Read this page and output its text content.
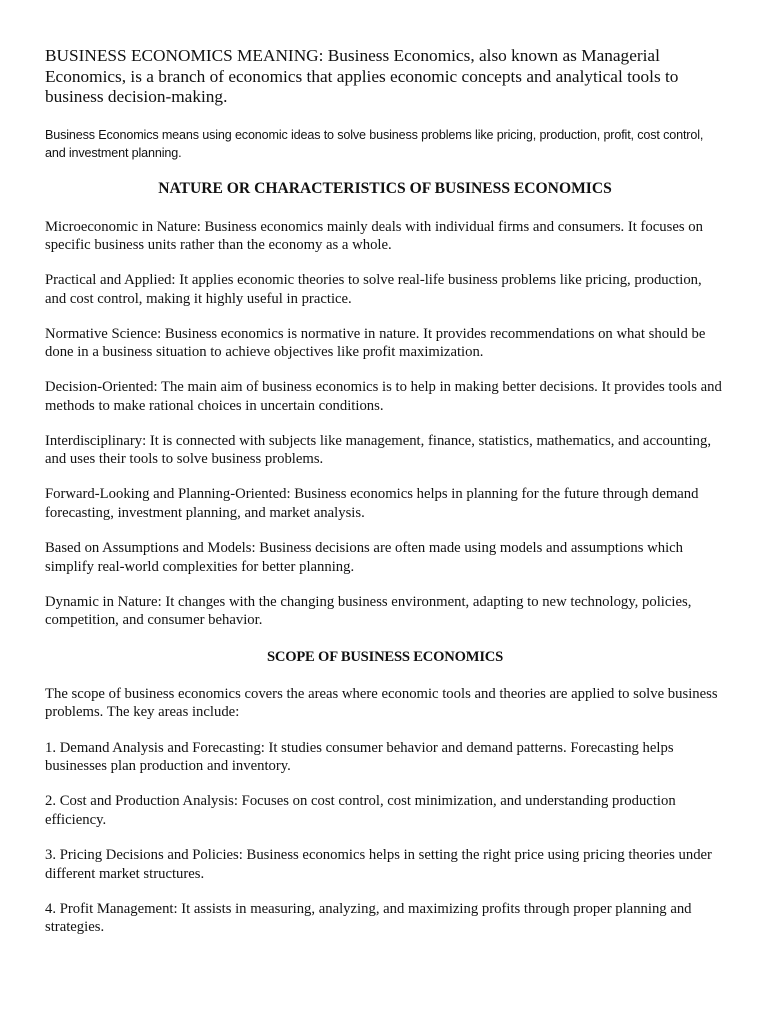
BUSINESS ECONOMICS MEANING: Business Economics, also known as Managerial Economics, is a branch of economics that applies economic concepts and analytical tools to business decision-making.

Business Economics means using economic ideas to solve business problems like pricing, production, profit, cost control, and investment planning.

NATURE OR CHARACTERISTICS OF BUSINESS ECONOMICS

Microeconomic in Nature: Business economics mainly deals with individual firms and consumers. It focuses on specific business units rather than the economy as a whole.

Practical and Applied: It applies economic theories to solve real-life business problems like pricing, production, and cost control, making it highly useful in practice.

Normative Science: Business economics is normative in nature. It provides recommendations on what should be done in a business situation to achieve objectives like profit maximization.

Decision-Oriented: The main aim of business economics is to help in making better decisions. It provides tools and methods to make rational choices in uncertain conditions.

Interdisciplinary: It is connected with subjects like management, finance, statistics, mathematics, and accounting, and uses their tools to solve business problems.

Forward-Looking and Planning-Oriented: Business economics helps in planning for the future through demand forecasting, investment planning, and market analysis.

Based on Assumptions and Models: Business decisions are often made using models and assumptions which simplify real-world complexities for better planning.

Dynamic in Nature: It changes with the changing business environment, adapting to new technology, policies, competition, and consumer behavior.

SCOPE OF BUSINESS ECONOMICS

The scope of business economics covers the areas where economic tools and theories are applied to solve business problems. The key areas include:

1. Demand Analysis and Forecasting: It studies consumer behavior and demand patterns. Forecasting helps businesses plan production and inventory.

2. Cost and Production Analysis: Focuses on cost control, cost minimization, and understanding production efficiency.

3. Pricing Decisions and Policies: Business economics helps in setting the right price using pricing theories under different market structures.

4. Profit Management: It assists in measuring, analyzing, and maximizing profits through proper planning and strategies.
